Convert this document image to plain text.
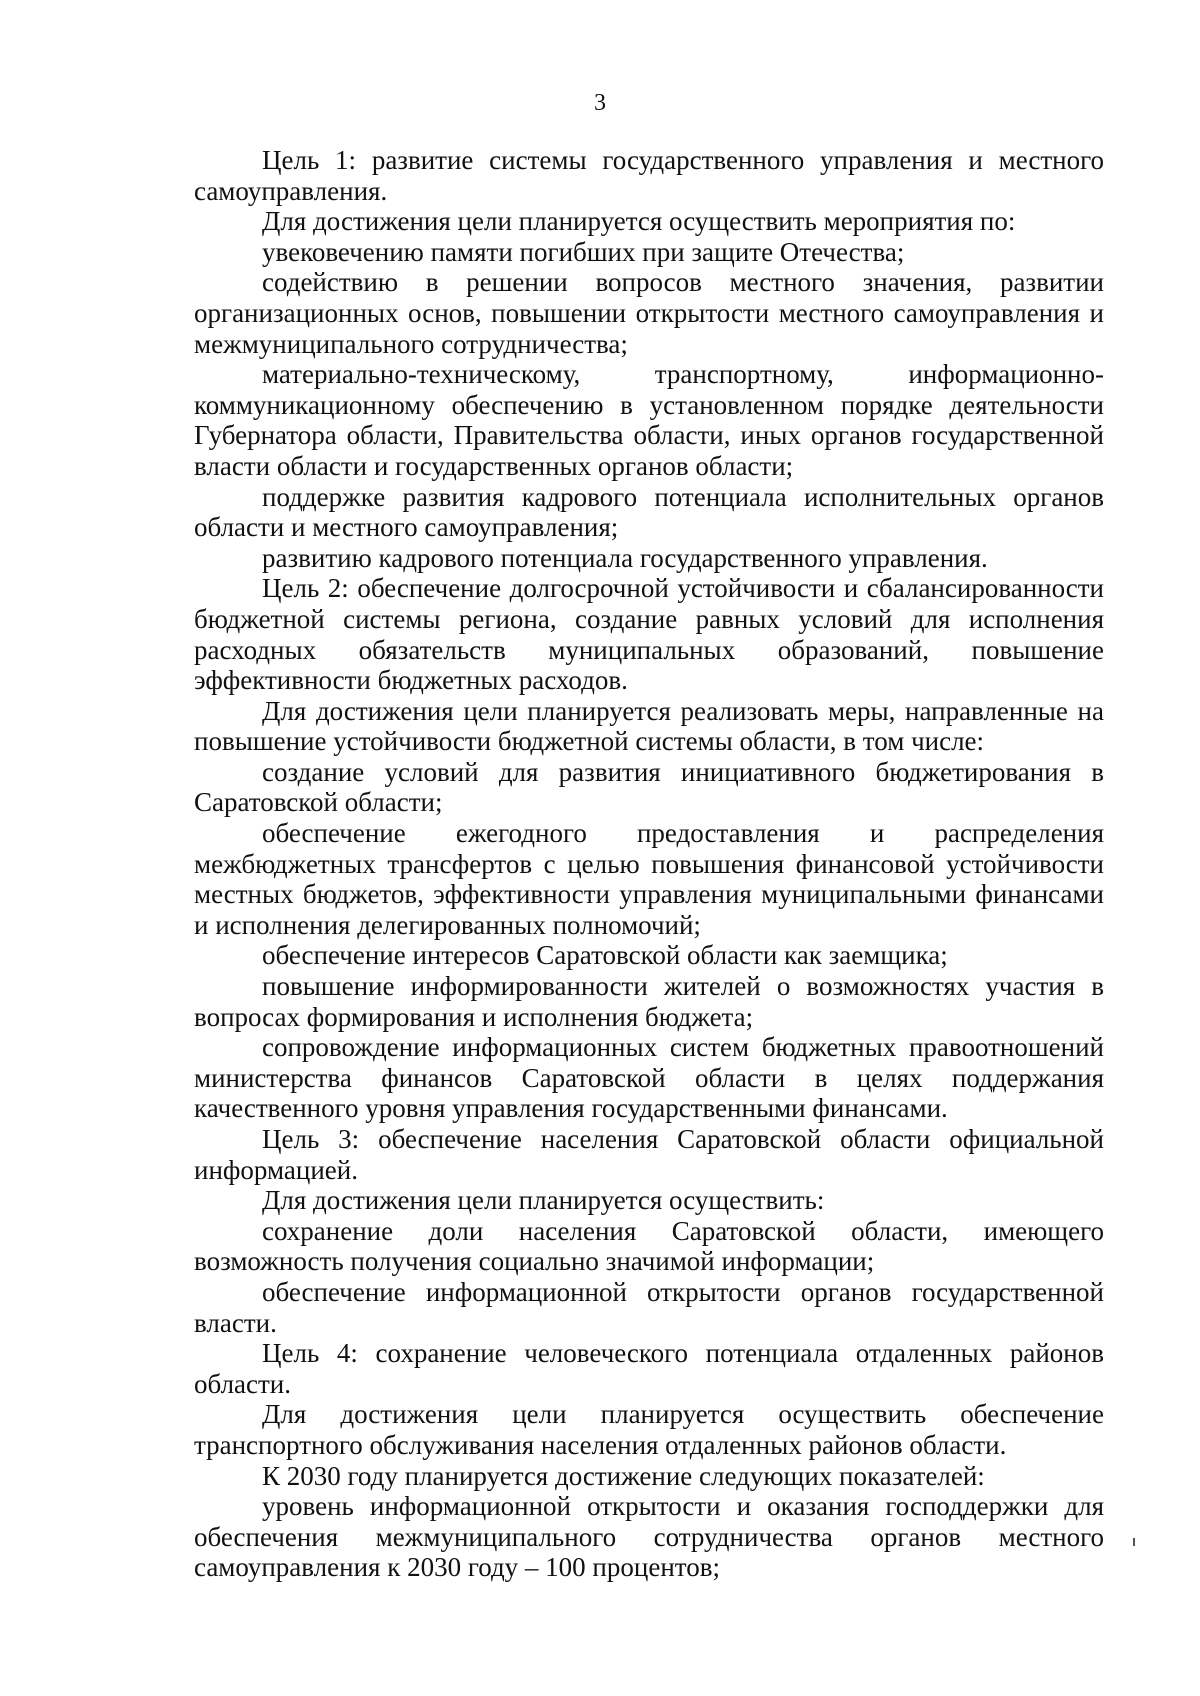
3

Цель 1: развитие системы государственного управления и местного самоуправления.

Для достижения цели планируется осуществить мероприятия по:

увековечению памяти погибших при защите Отечества;

содействию в решении вопросов местного значения, развитии организационных основ, повышении открытости местного самоуправления и межмуниципального сотрудничества;

материально-техническому, транспортному, информационно-коммуникационному обеспечению в установленном порядке деятельности Губернатора области, Правительства области, иных органов государственной власти области и государственных органов области;

поддержке развития кадрового потенциала исполнительных органов области и местного самоуправления;

развитию кадрового потенциала государственного управления.

Цель 2: обеспечение долгосрочной устойчивости и сбалансированности бюджетной системы региона, создание равных условий для исполнения расходных обязательств муниципальных образований, повышение эффективности бюджетных расходов.

Для достижения цели планируется реализовать меры, направленные на повышение устойчивости бюджетной системы области, в том числе:

создание условий для развития инициативного бюджетирования в Саратовской области;

обеспечение ежегодного предоставления и распределения межбюджетных трансфертов с целью повышения финансовой устойчивости местных бюджетов, эффективности управления муниципальными финансами и исполнения делегированных полномочий;

обеспечение интересов Саратовской области как заемщика;

повышение информированности жителей о возможностях участия в вопросах формирования и исполнения бюджета;

сопровождение информационных систем бюджетных правоотношений министерства финансов Саратовской области в целях поддержания качественного уровня управления государственными финансами.

Цель 3: обеспечение населения Саратовской области официальной информацией.

Для достижения цели планируется осуществить:

сохранение доли населения Саратовской области, имеющего возможность получения социально значимой информации;

обеспечение информационной открытости органов государственной власти.

Цель 4: сохранение человеческого потенциала отдаленных районов области.

Для достижения цели планируется осуществить обеспечение транспортного обслуживания населения отдаленных районов области.

К 2030 году планируется достижение следующих показателей:

уровень информационной открытости и оказания господдержки для обеспечения межмуниципального сотрудничества органов местного самоуправления к 2030 году – 100 процентов;
